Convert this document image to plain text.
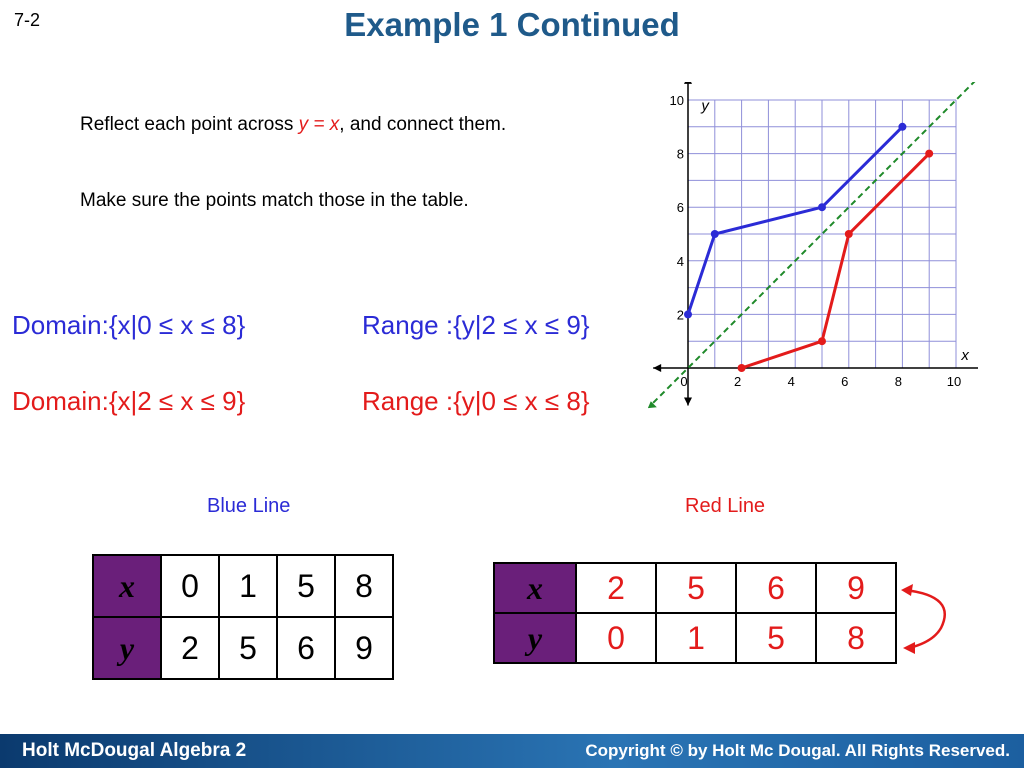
7-2	Example 1 Continued
Reflect each point across y = x, and connect them.
Make sure the points match those in the table.
Domain:{x|0 ≤ x ≤ 8}	Range :{y|2 ≤ x ≤ 9}
Domain:{x|2 ≤ x ≤ 9}	Range :{y|0 ≤ x ≤ 8}
Blue Line	Red Line
x	0	1	5	8
y	2	5	6	9
x	2	5	6	9
y	0	1	5	8
0	2	4	6	8	10
2
4
6
8
10
x
y
Holt McDougal Algebra 2	Copyright © by Holt Mc Dougal. All Rights Reserved.
